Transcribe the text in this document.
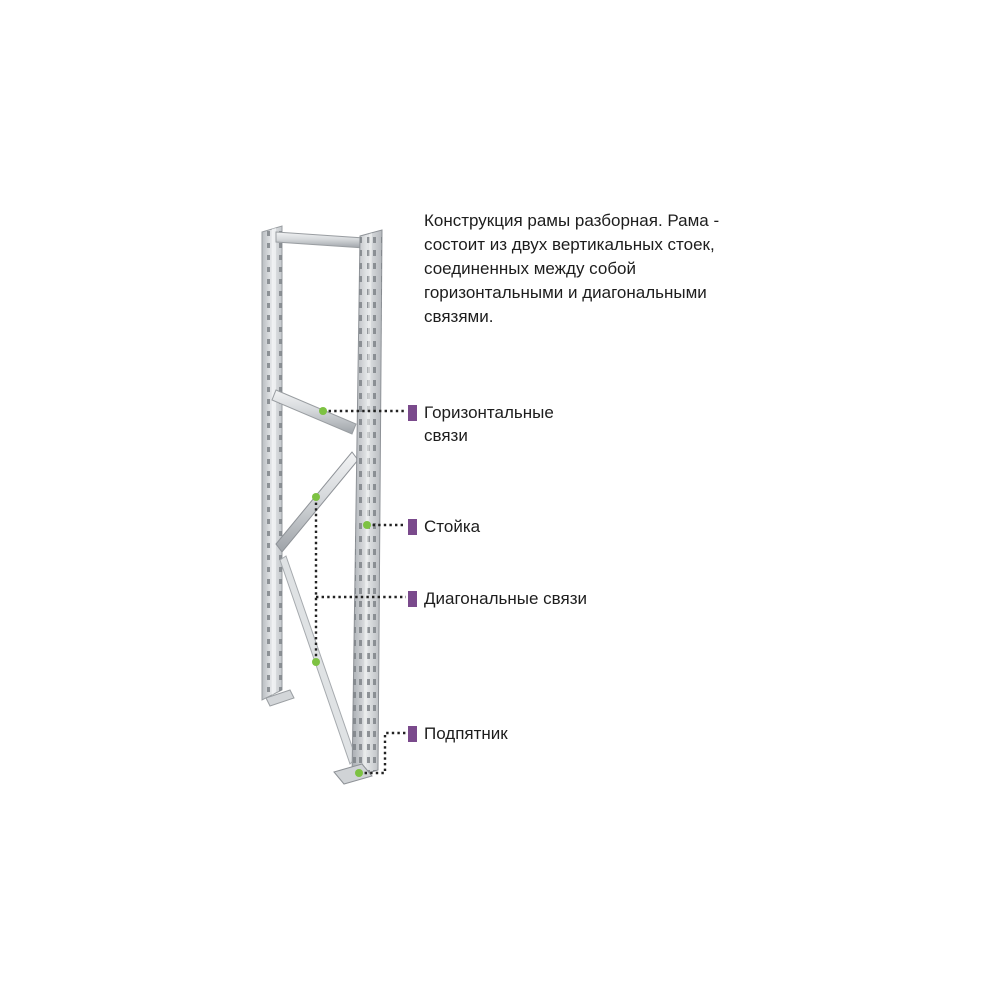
Конструкция рамы разборная. Рама - состоит из двух вертикальных стоек, соединенных между собой горизонтальными и диагональными связями.
Горизонтальные связи
Стойка
Диагональные связи
Подпятник
